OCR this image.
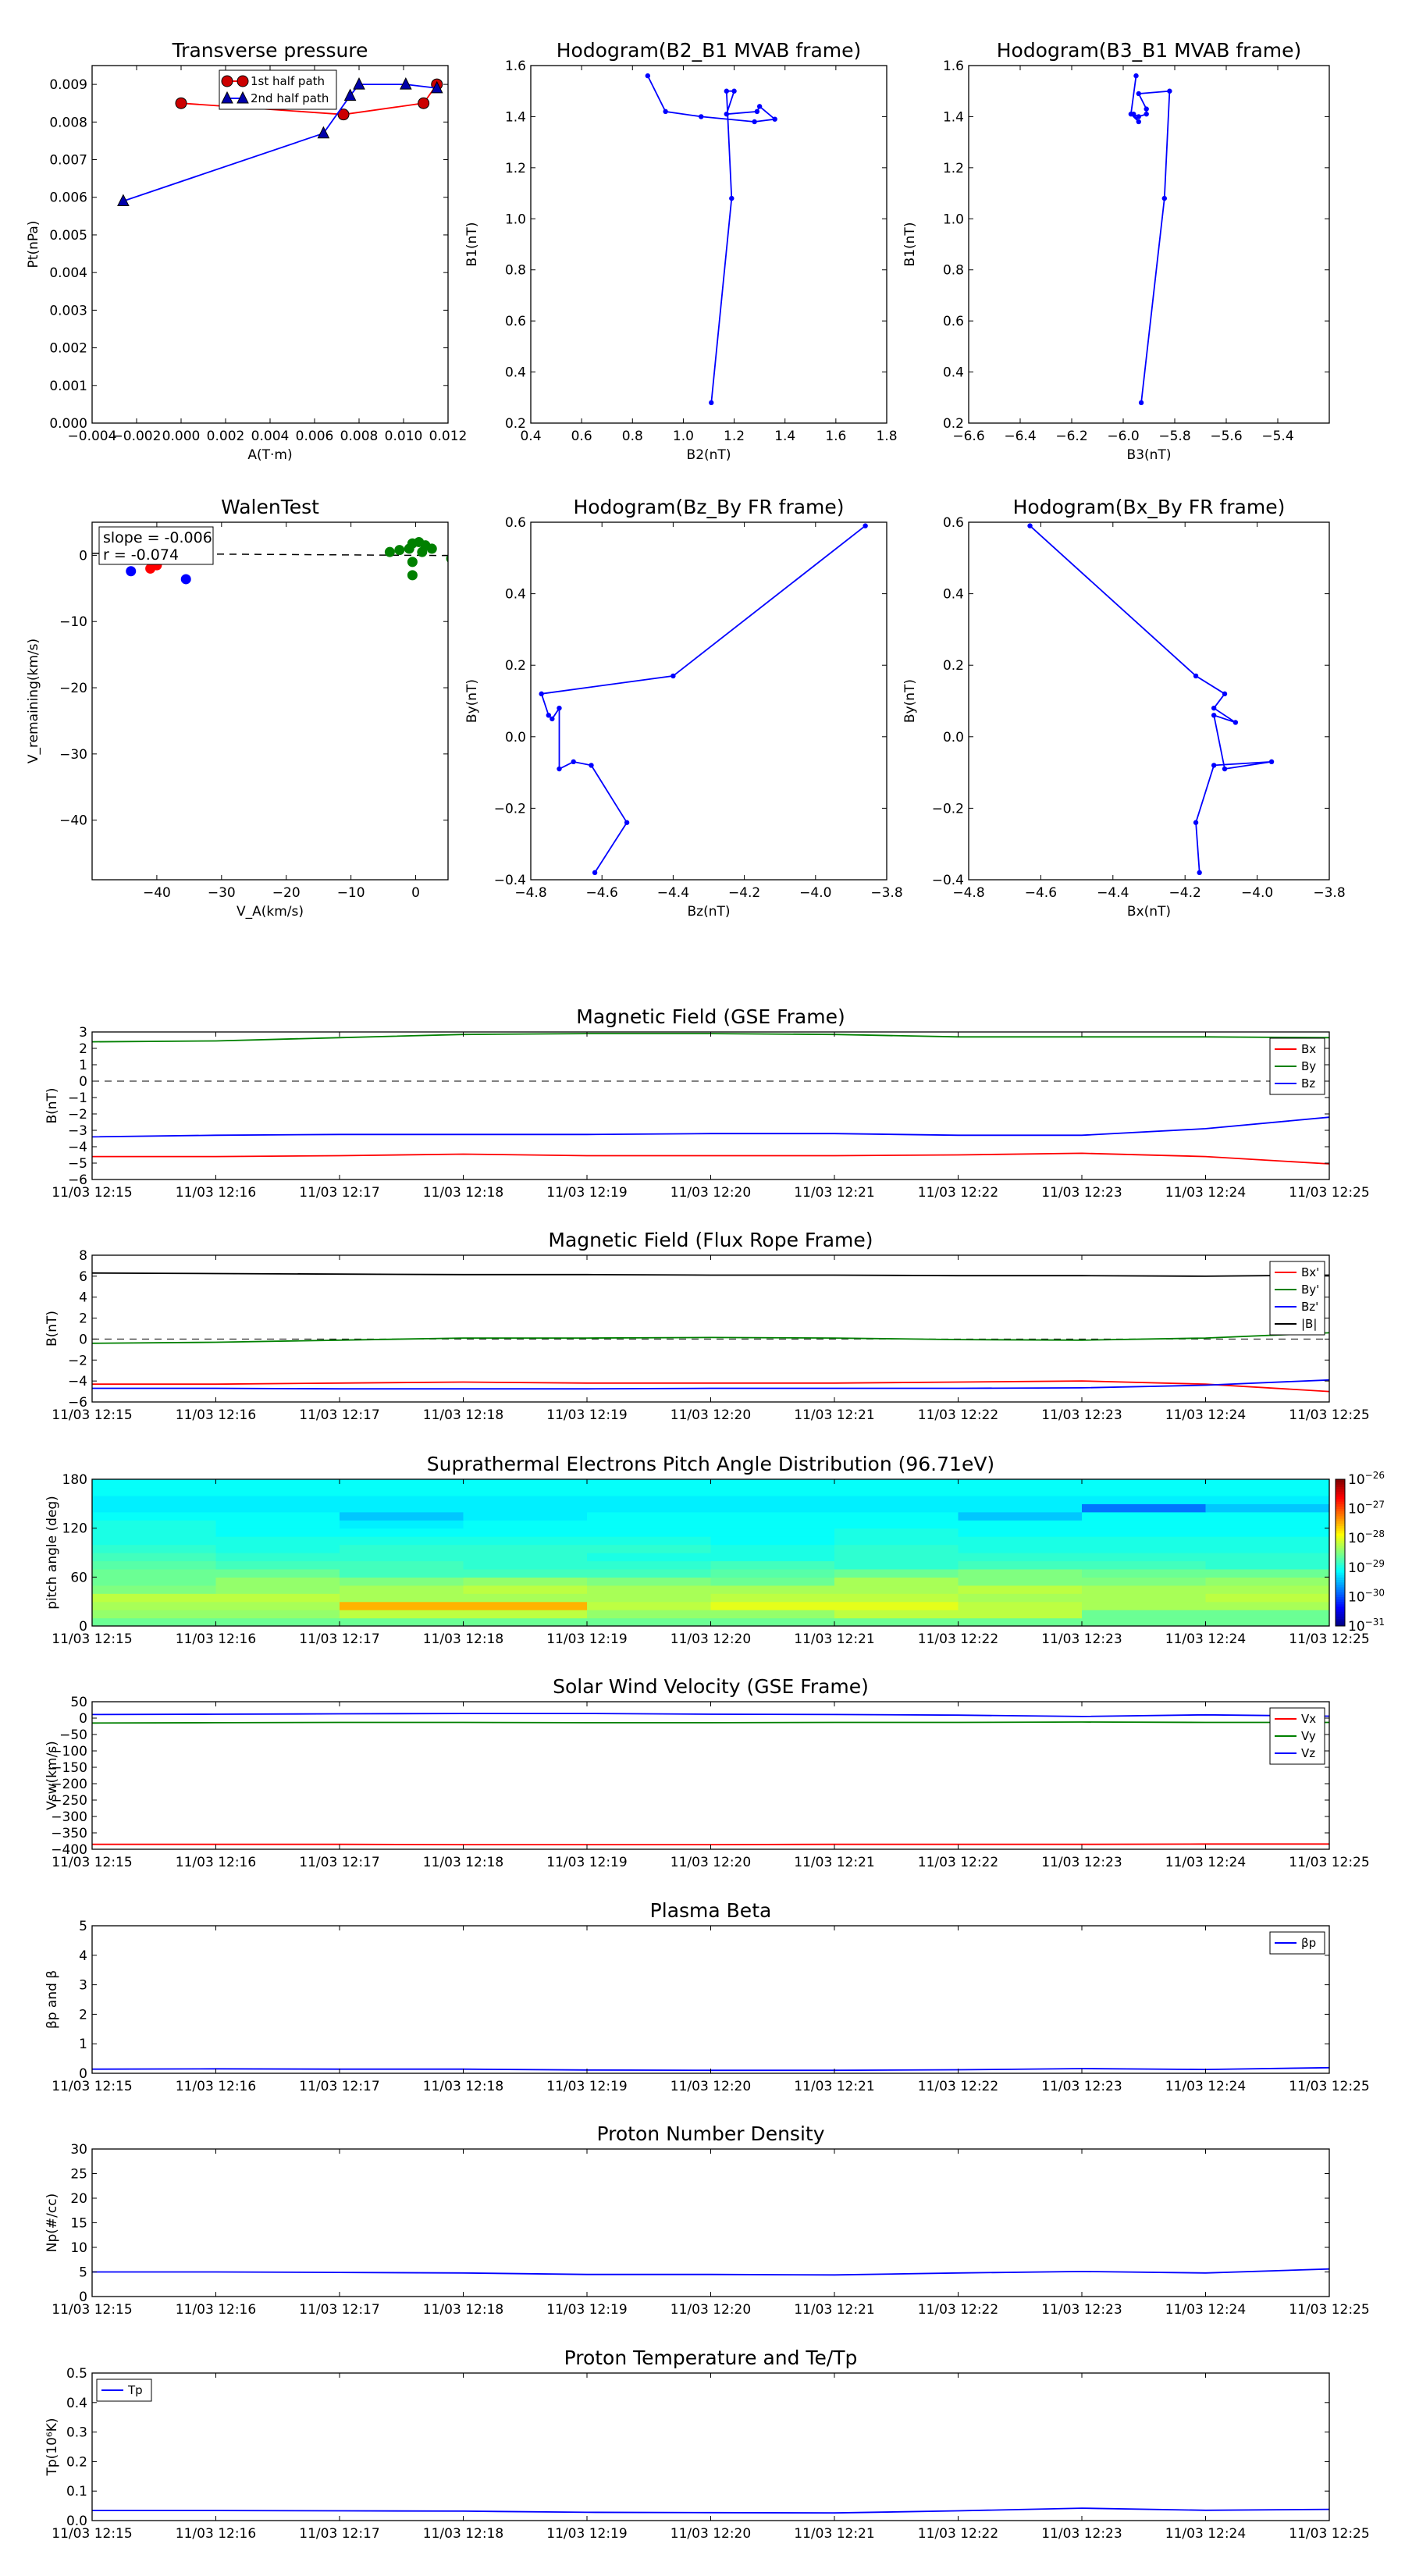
Transverse pressure
−0.004
−0.002 0.000 0.002 0.004 0.006 0.008 0.010 0.012
0.000
0.001
0.002
0.003
0.004
0.005
0.006
0.007
0.008
0.009
A(T·m)
Pt(nPa)
1st half path
2nd half path
Hodogram(B2_B1 MVAB frame)
0.4 0.6 0.8 1.0 1.2 1.4 1.6 1.8
0.2
0.4
0.6
0.8
1.0
1.2
1.4
1.6
B2(nT)
B1(nT)
Hodogram(B3_B1 MVAB frame)
−6.6 −6.4 −6.2 −6.0 −5.8 −5.6 −5.4
0.2
0.4
0.6
0.8
1.0
1.2
1.4
1.6
B3(nT)
B1(nT)
WalenTest
−40	−30	−20	−10	0
−40
−30
−20
−10
0
V_A(km/s)
V_remaining(km/s)
slope = -0.006
r = -0.074
Hodogram(Bz_By FR frame)
−4.8	−4.6	−4.4	−4.2	−4.0	−3.8
−0.4
−0.2
0.0
0.2
0.4
0.6
Bz(nT)
By(nT)
Hodogram(Bx_By FR frame)
−4.8	−4.6	−4.4	−4.2	−4.0	−3.8
−0.4
−0.2
0.0
0.2
0.4
0.6
Bx(nT)
By(nT)
Magnetic Field (GSE Frame)
11/03 12:15	11/03 12:16	11/03 12:17	11/03 12:18	11/03 12:19	11/03 12:20	11/03 12:21	11/03 12:22	11/03 12:23	11/03 12:24	11/03 12:25
−6
−5
−4
−3
−2
−1
0
1
2
3
B(nT)
Bx
By
Bz
Magnetic Field (Flux Rope Frame)
11/03 12:15	11/03 12:16	11/03 12:17	11/03 12:18	11/03 12:19	11/03 12:20	11/03 12:21	11/03 12:22	11/03 12:23	11/03 12:24	11/03 12:25
−6
−4
−2
0
2
4
6
8
B(nT)
Bx'
By'
Bz'
|B|
Suprathermal Electrons Pitch Angle Distribution (96.71eV)
$10^{-26}$
$10^{-27}$
$10^{-28}$
$10^{-29}$
$10^{-30}$
$10^{-31}$
11/03 12:15	11/03 12:16	11/03 12:17	11/03 12:18	11/03 12:19	11/03 12:20	11/03 12:21	11/03 12:22	11/03 12:23	11/03 12:24	11/03 12:25
0
60
120
180
pitch angle (deg)
Solar Wind Velocity (GSE Frame)
11/03 12:15	11/03 12:16	11/03 12:17	11/03 12:18	11/03 12:19	11/03 12:20	11/03 12:21	11/03 12:22	11/03 12:23	11/03 12:24	11/03 12:25
−400
−350
−300
−250
−200
−150
−100
−50
0
50
Vsw(km/s)
Vx
Vy
Vz
Plasma Beta
11/03 12:15	11/03 12:16	11/03 12:17	11/03 12:18	11/03 12:19	11/03 12:20	11/03 12:21	11/03 12:22	11/03 12:23	11/03 12:24	11/03 12:25
0
1
2
3
4
5
βp and β
βp
Proton Number Density
11/03 12:15	11/03 12:16	11/03 12:17	11/03 12:18	11/03 12:19	11/03 12:20	11/03 12:21	11/03 12:22	11/03 12:23	11/03 12:24	11/03 12:25
0
5
10
15
20
25
30
Np(#/cc)
Proton Temperature and Te/Tp
11/03 12:15	11/03 12:16	11/03 12:17	11/03 12:18	11/03 12:19	11/03 12:20	11/03 12:21	11/03 12:22	11/03 12:23	11/03 12:24	11/03 12:25
0.0
0.1
0.2
0.3
0.4
0.5
Tp(10⁶K)
Tp
